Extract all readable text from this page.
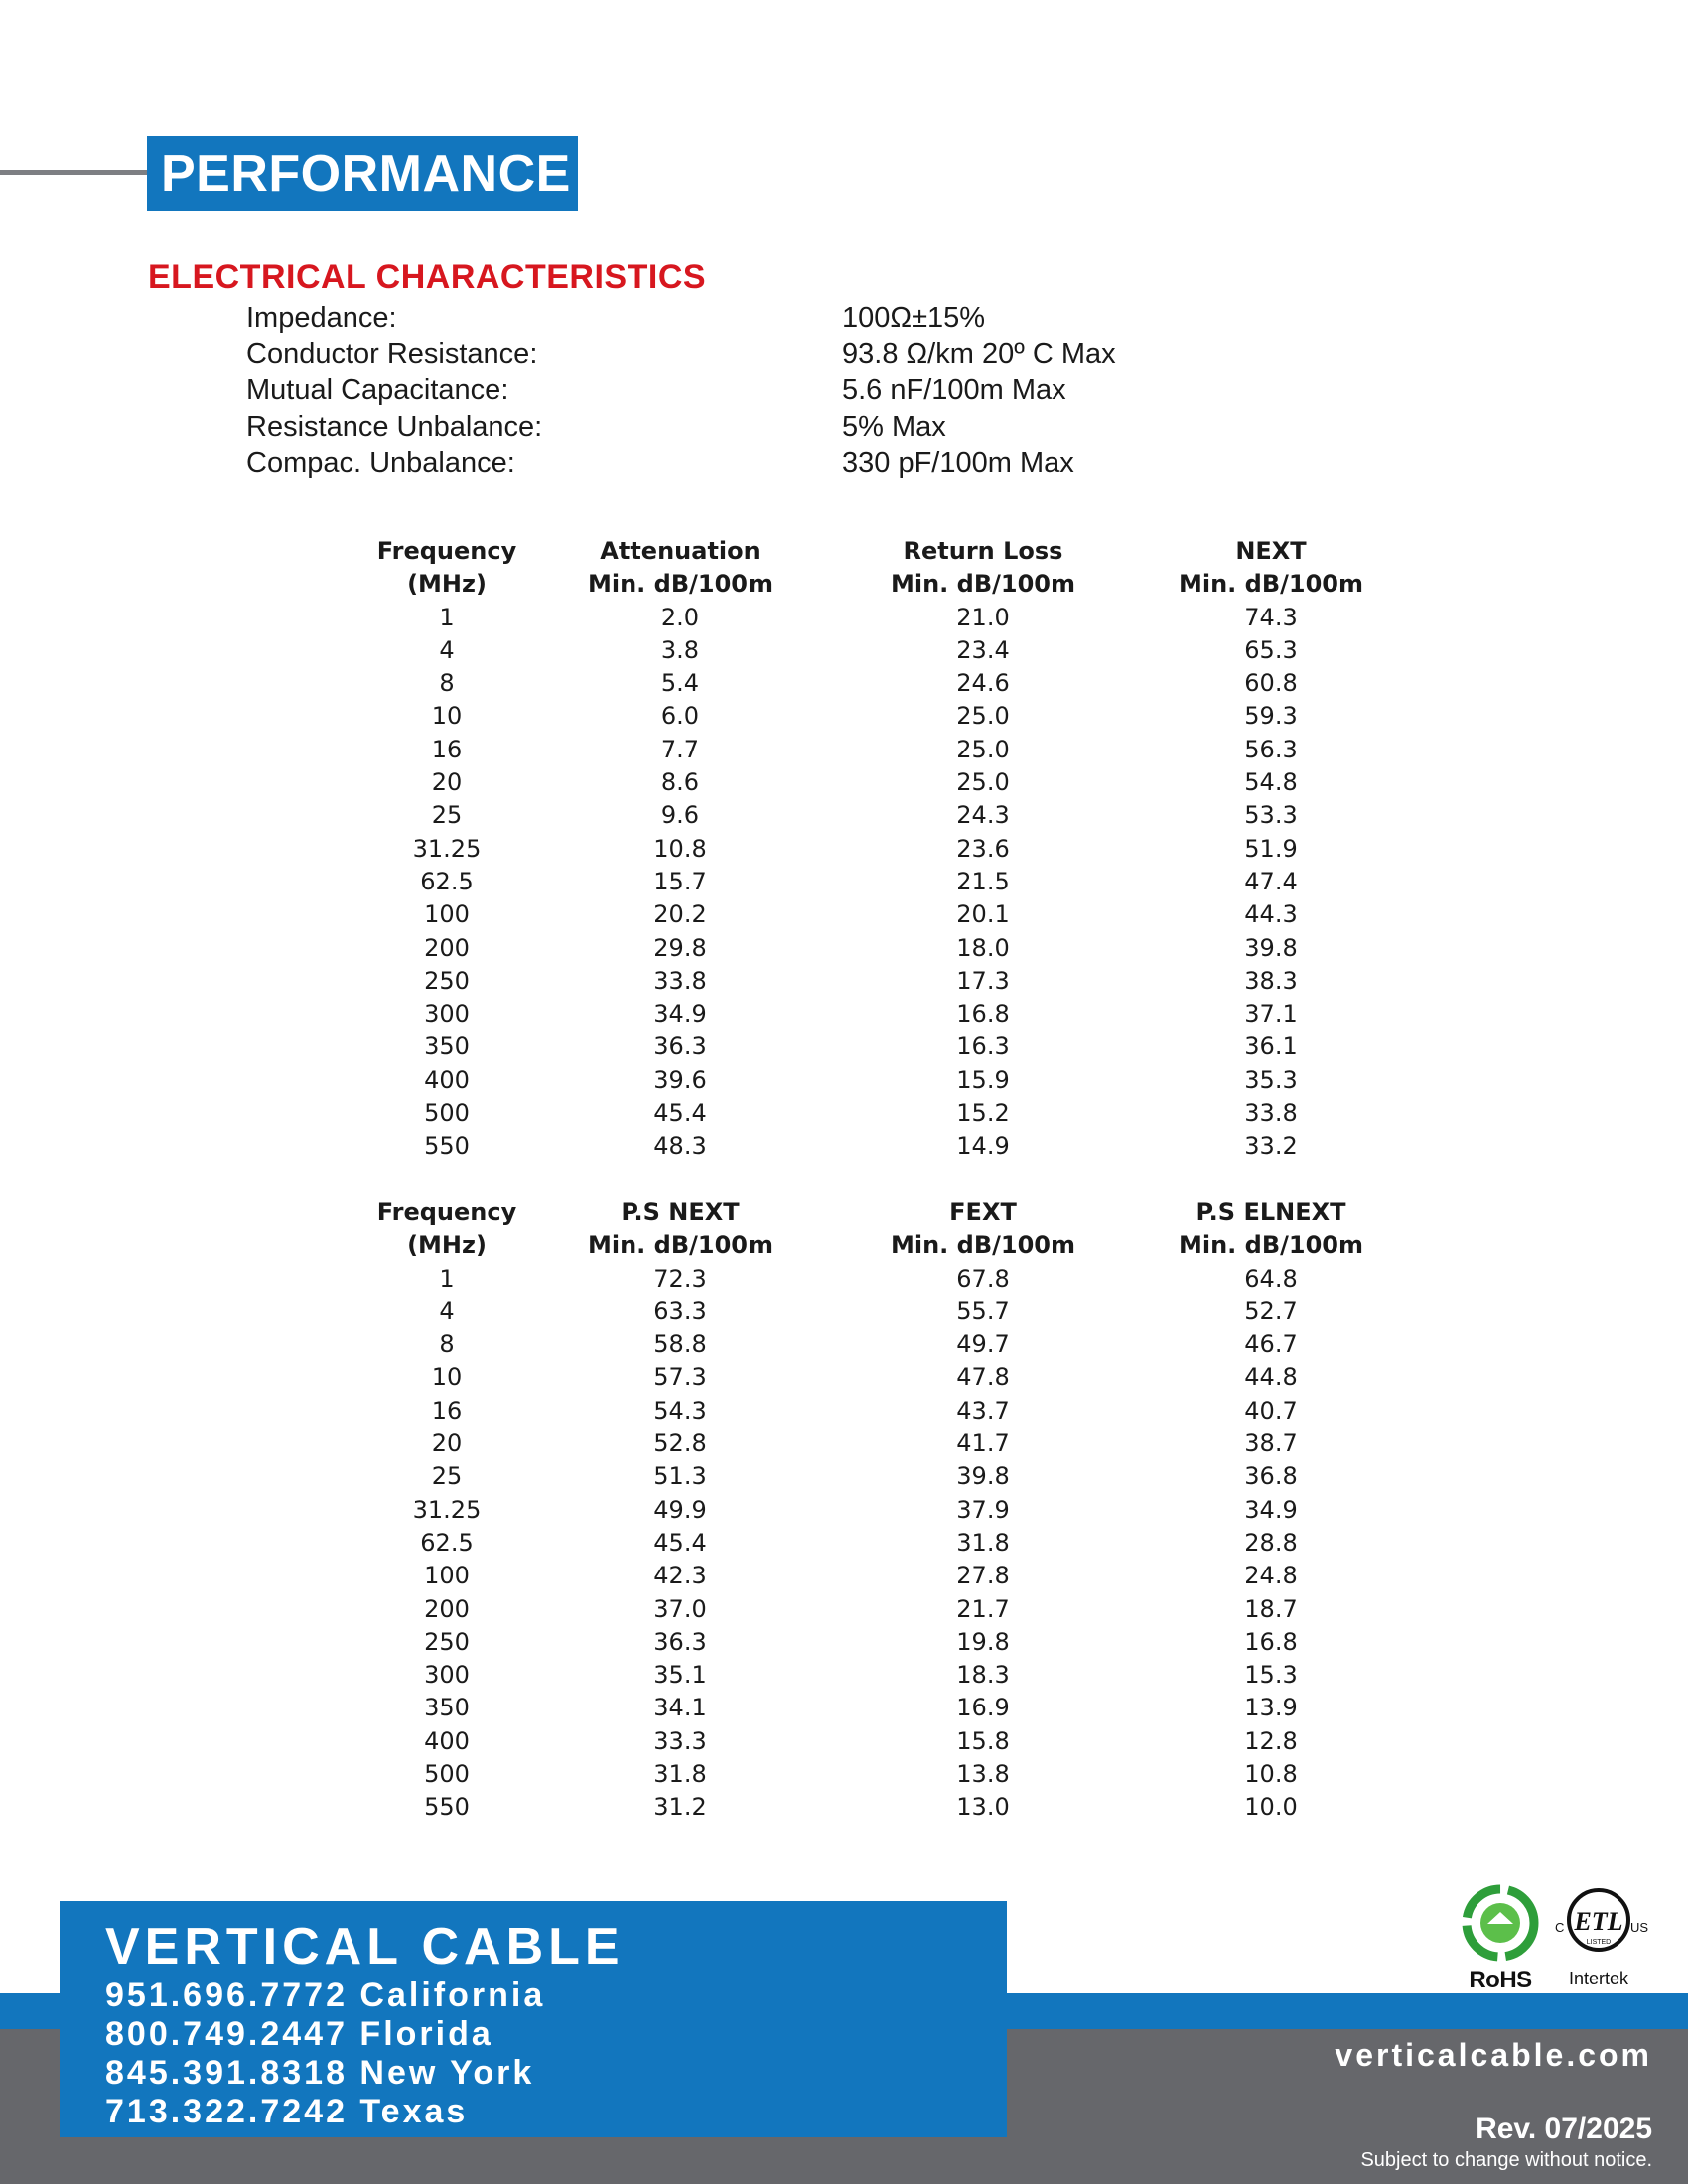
PERFORMANCE
ELECTRICAL CHARACTERISTICS
Impedance:	100Ω±15%
Conductor Resistance:	93.8 Ω/km 20º C Max
Mutual Capacitance:	5.6 nF/100m Max
Resistance Unbalance:	5% Max
Compac. Unbalance:	330 pF/100m Max
Frequency	Attenuation	Return Loss	NEXT
(MHz)	Min. dB/100m	Min. dB/100m	Min. dB/100m
1	2.0	21.0	74.3
4	3.8	23.4	65.3
8	5.4	24.6	60.8
10	6.0	25.0	59.3
16	7.7	25.0	56.3
20	8.6	25.0	54.8
25	9.6	24.3	53.3
31.25	10.8	23.6	51.9
62.5	15.7	21.5	47.4
100	20.2	20.1	44.3
200	29.8	18.0	39.8
250	33.8	17.3	38.3
300	34.9	16.8	37.1
350	36.3	16.3	36.1
400	39.6	15.9	35.3
500	45.4	15.2	33.8
550	48.3	14.9	33.2
Frequency	P.S NEXT	FEXT	P.S ELNEXT
(MHz)	Min. dB/100m	Min. dB/100m	Min. dB/100m
1	72.3	67.8	64.8
4	63.3	55.7	52.7
8	58.8	49.7	46.7
10	57.3	47.8	44.8
16	54.3	43.7	40.7
20	52.8	41.7	38.7
25	51.3	39.8	36.8
31.25	49.9	37.9	34.9
62.5	45.4	31.8	28.8
100	42.3	27.8	24.8
200	37.0	21.7	18.7
250	36.3	19.8	16.8
300	35.1	18.3	15.3
350	34.1	16.9	13.9
400	33.3	15.8	12.8
500	31.8	13.8	10.8
550	31.2	13.0	10.0
VERTICAL CABLE
951.696.7772 California
800.749.2447 Florida
845.391.8318 New York
713.322.7242 Texas
verticalcable.com
Rev. 07/2025
Subject to change without notice.
RoHS
ETL
C	US
LISTED
Intertek
